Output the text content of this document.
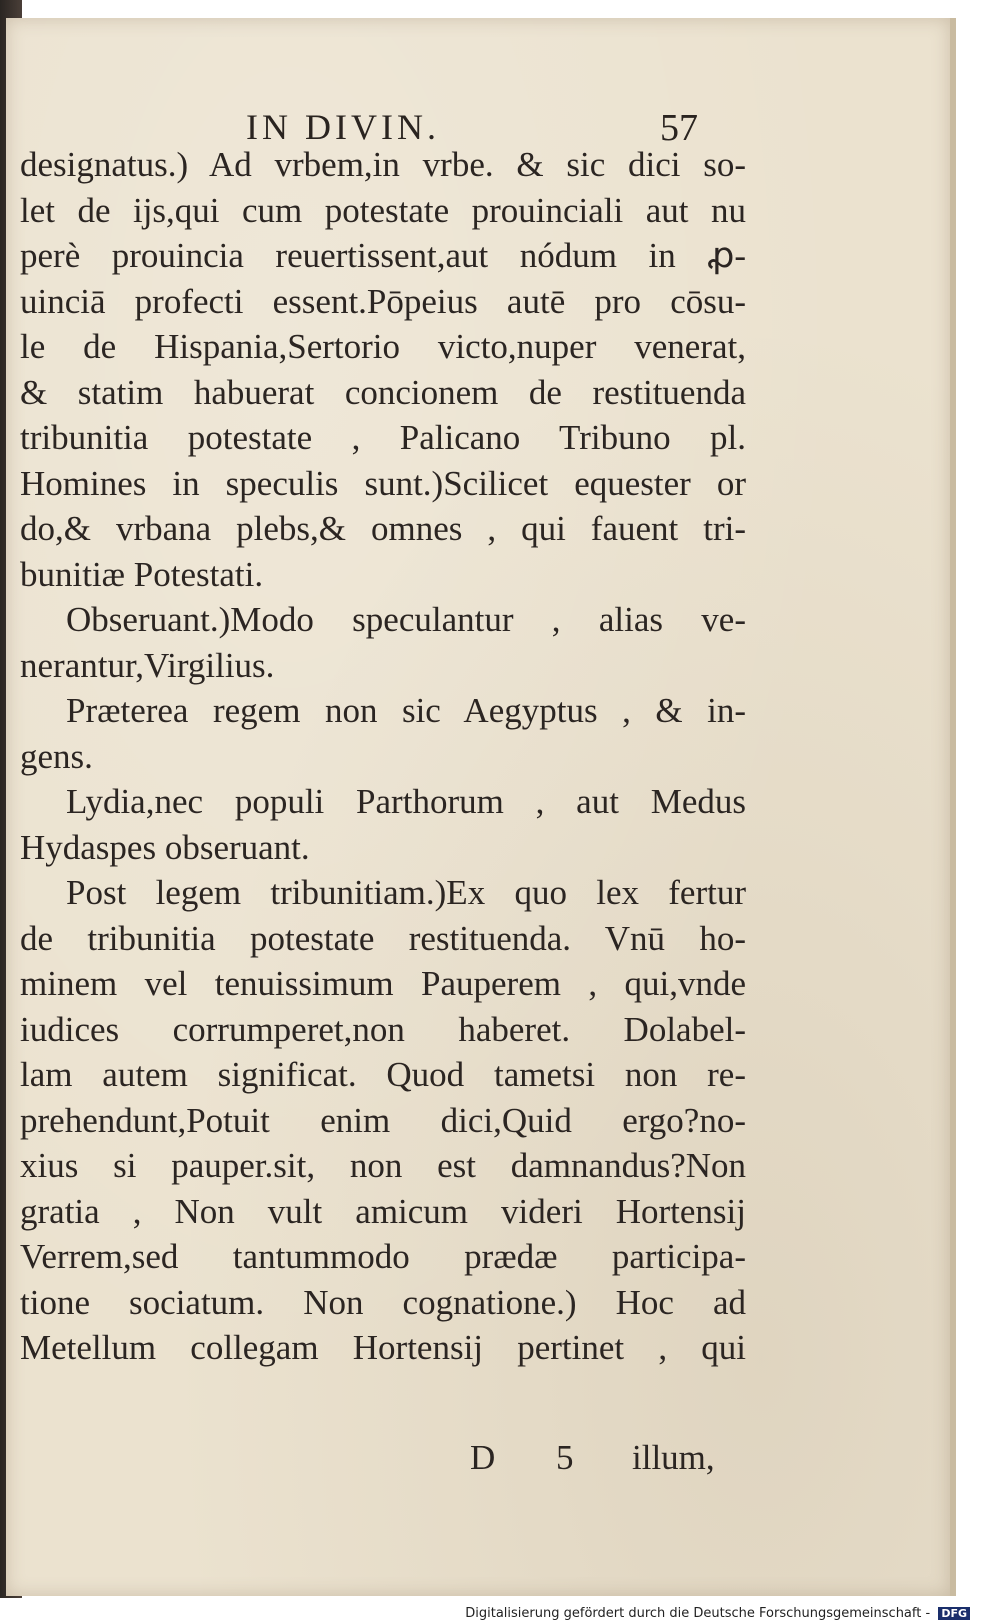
IN DIVIN.	57
designatus.) Ad vrbem,in vrbe. & sic dici so-
let de ijs,qui cum potestate prouinciali aut nu
perè prouincia reuertissent,aut nódum in ꝓ-
uinciā profecti essent.Pōpeius autē pro cōsu-
le de Hispania,Sertorio victo,nuper venerat,
& statim habuerat concionem de restituenda
tribunitia potestate , Palicano Tribuno pl.
Homines in speculis sunt.)Scilicet equester or
do,& vrbana plebs,& omnes , qui fauent tri-
bunitiæ Potestati.
Obseruant.)Modo speculantur , alias ve-
nerantur,Virgilius.
Præterea regem non sic Aegyptus , & in-
gens.
Lydia,nec populi Parthorum , aut Medus
Hydaspes obseruant.
Post legem tribunitiam.)Ex quo lex fertur
de tribunitia potestate restituenda. Vnū ho-
minem vel tenuissimum Pauperem , qui,vnde
iudices corrumperet,non haberet. Dolabel-
lam autem significat. Quod tametsi non re-
prehendunt,Potuit enim dici,Quid ergo?no-
xius si pauper.sit, non est damnandus?Non
gratia , Non vult amicum videri Hortensij
Verrem,sed tantummodo prædæ participa-
tione sociatum. Non cognatione.) Hoc ad
Metellum collegam Hortensij pertinet , qui
D 5 illum,
Digitalisierung gefördert durch die Deutsche Forschungsgemeinschaft - DFG
